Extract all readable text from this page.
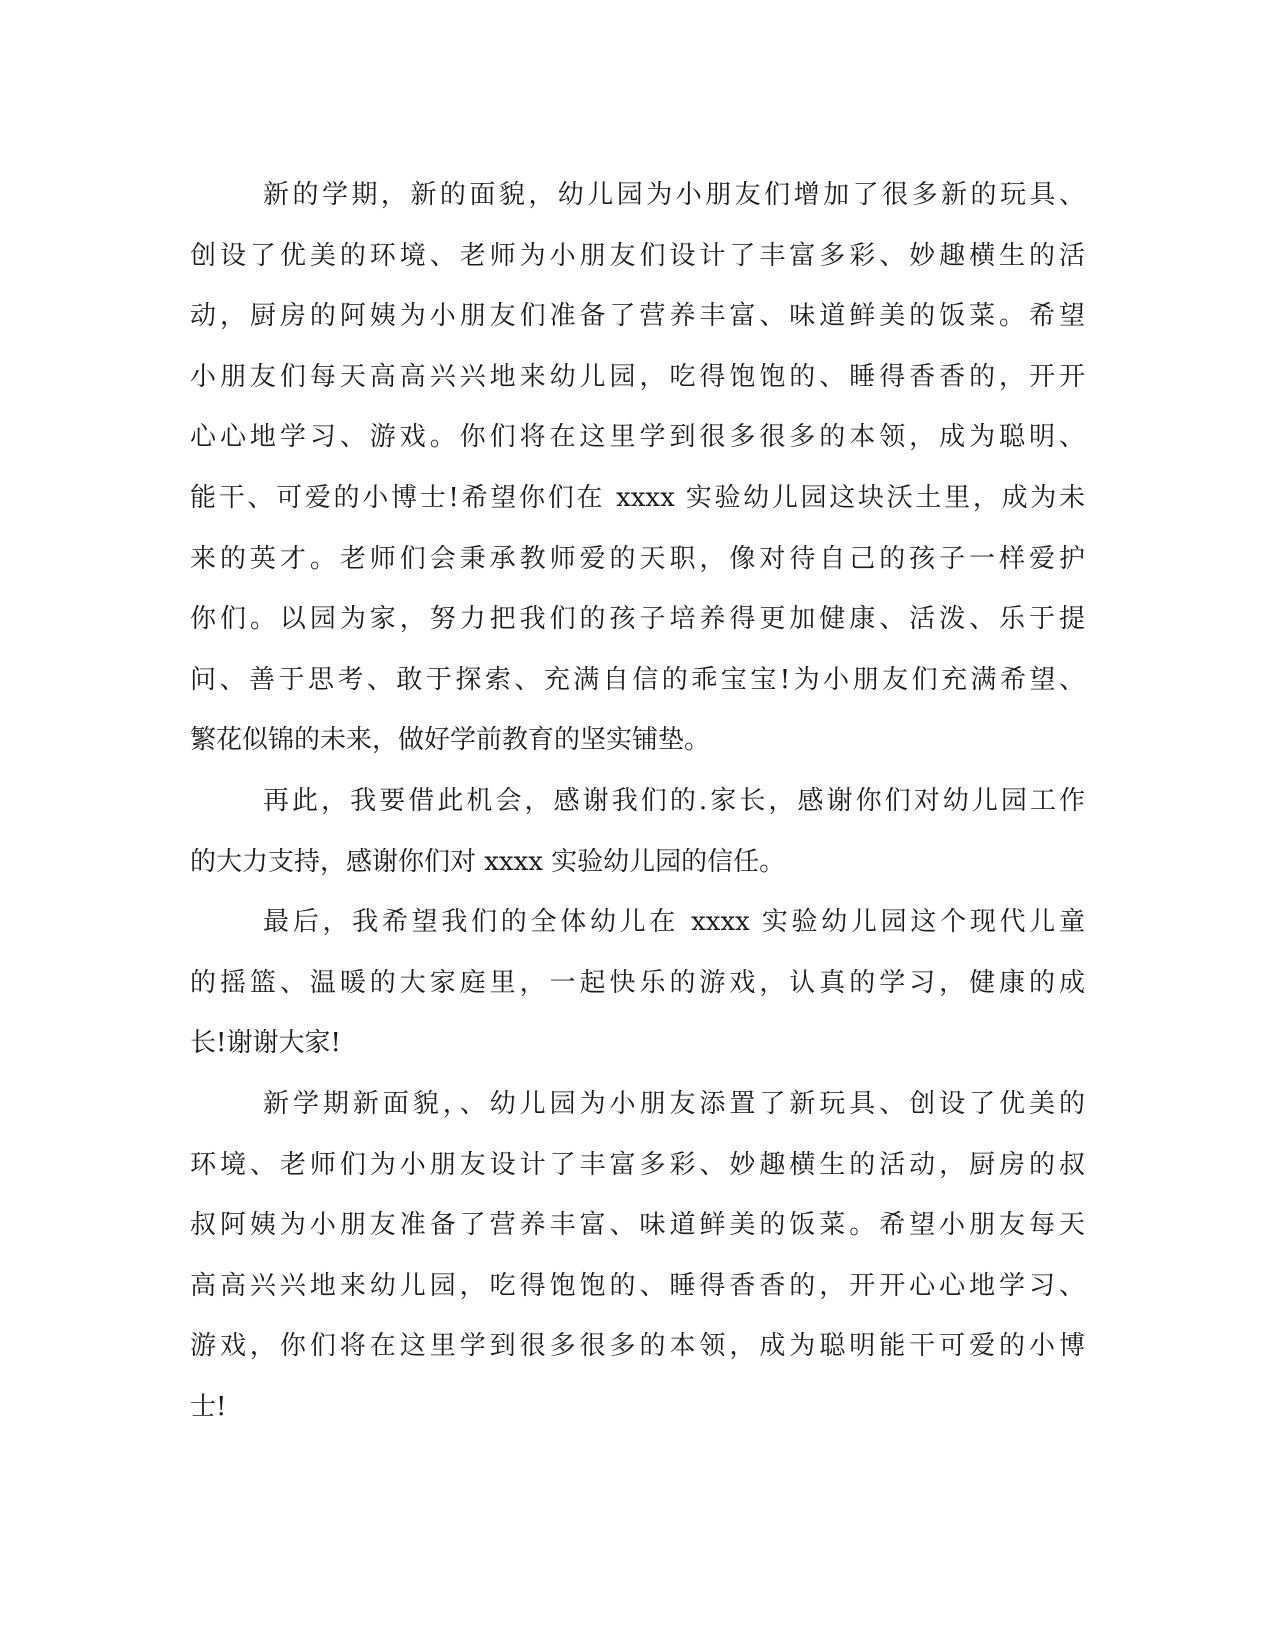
新的学期，新的面貌，幼儿园为小朋友们增加了很多新的玩具、
创设了优美的环境、老师为小朋友们设计了丰富多彩、妙趣横生的活
动，厨房的阿姨为小朋友们准备了营养丰富、味道鲜美的饭菜。希望
小朋友们每天高高兴兴地来幼儿园，吃得饱饱的、睡得香香的，开开
心心地学习、游戏。你们将在这里学到很多很多的本领，成为聪明、
能干、可爱的小博士!希望你们在 xxxx 实验幼儿园这块沃土里，成为未
来的英才。老师们会秉承教师爱的天职，像对待自己的孩子一样爱护
你们。以园为家，努力把我们的孩子培养得更加健康、活泼、乐于提
问、善于思考、敢于探索、充满自信的乖宝宝!为小朋友们充满希望、
繁花似锦的未来，做好学前教育的坚实铺垫。
再此，我要借此机会，感谢我们的.家长，感谢你们对幼儿园工作
的大力支持，感谢你们对 xxxx 实验幼儿园的信任。
最后，我希望我们的全体幼儿在 xxxx 实验幼儿园这个现代儿童
的摇篮、温暖的大家庭里，一起快乐的游戏，认真的学习，健康的成
长!谢谢大家!
新学期新面貌，、幼儿园为小朋友添置了新玩具、创设了优美的
环境、老师们为小朋友设计了丰富多彩、妙趣横生的活动，厨房的叔
叔阿姨为小朋友准备了营养丰富、味道鲜美的饭菜。希望小朋友每天
高高兴兴地来幼儿园，吃得饱饱的、睡得香香的，开开心心地学习、
游戏，你们将在这里学到很多很多的本领，成为聪明能干可爱的小博
士!
